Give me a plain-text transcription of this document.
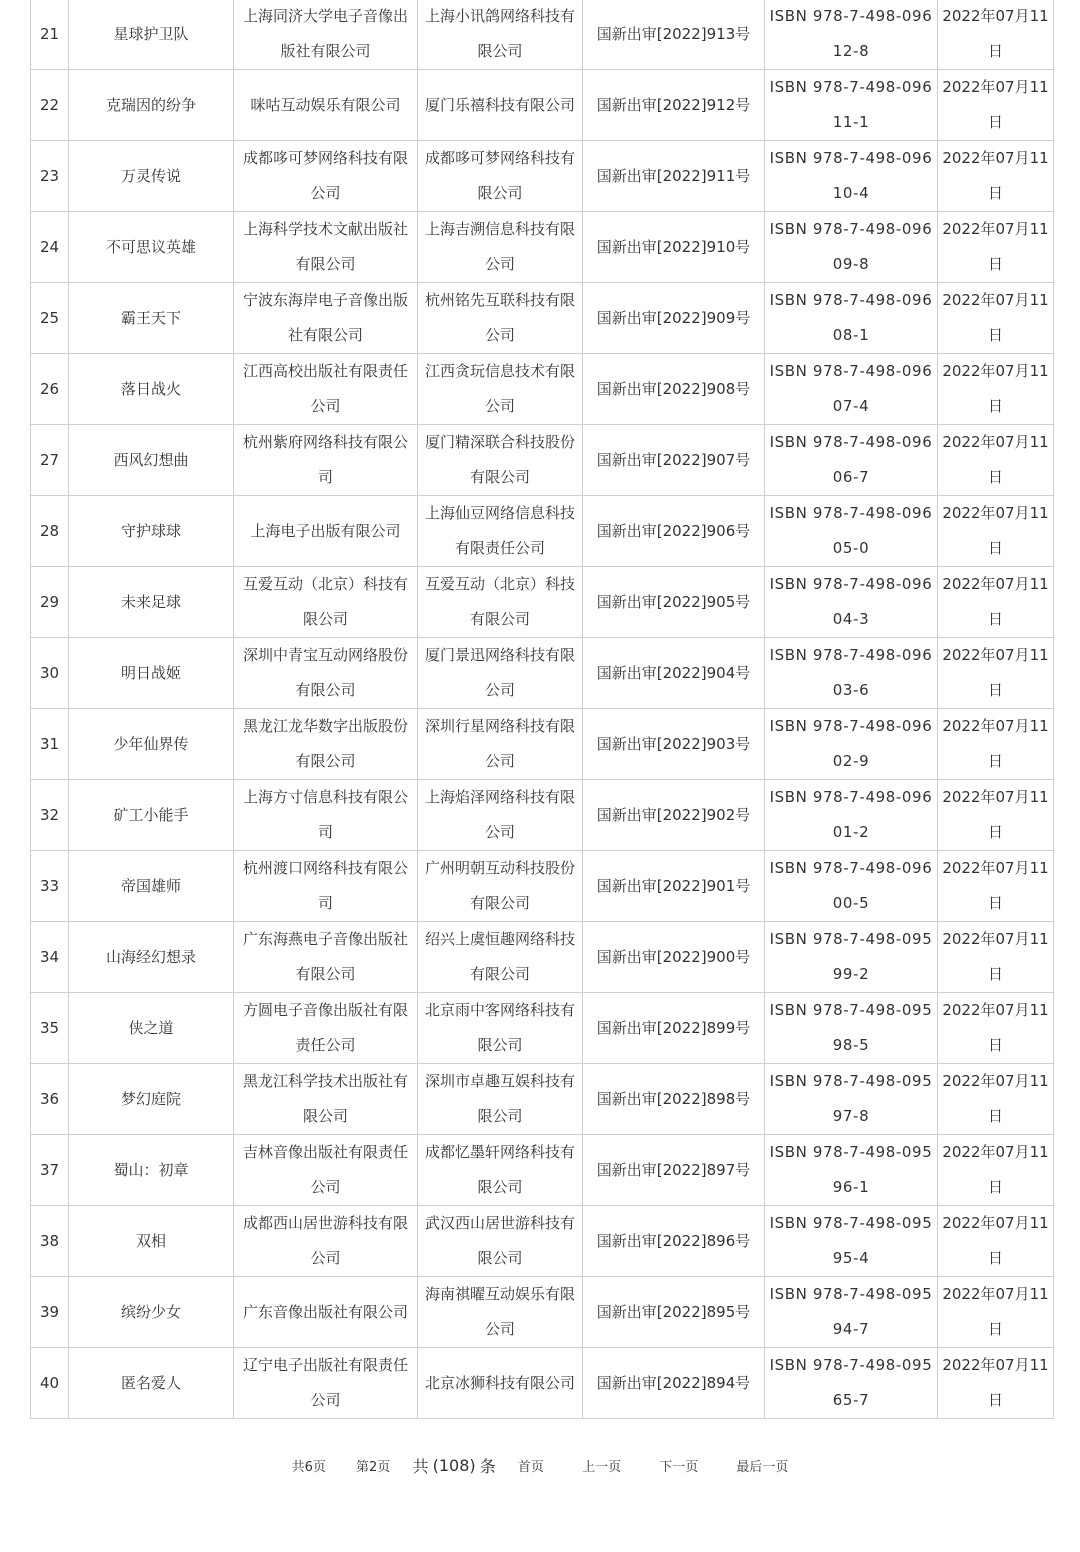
21	星球护卫队	上海同济大学电子音像出版社有限公司	上海小讯鸽网络科技有限公司	国新出审[2022]913号	ISBN 978-7-498-09612-8	2022年07月11日
22	克瑞因的纷争	咪咕互动娱乐有限公司	厦门乐禧科技有限公司	国新出审[2022]912号	ISBN 978-7-498-09611-1	2022年07月11日
23	万灵传说	成都哆可梦网络科技有限公司	成都哆可梦网络科技有限公司	国新出审[2022]911号	ISBN 978-7-498-09610-4	2022年07月11日
24	不可思议英雄	上海科学技术文献出版社有限公司	上海吉溯信息科技有限公司	国新出审[2022]910号	ISBN 978-7-498-09609-8	2022年07月11日
25	霸王天下	宁波东海岸电子音像出版社有限公司	杭州铭先互联科技有限公司	国新出审[2022]909号	ISBN 978-7-498-09608-1	2022年07月11日
26	落日战火	江西高校出版社有限责任公司	江西贪玩信息技术有限公司	国新出审[2022]908号	ISBN 978-7-498-09607-4	2022年07月11日
27	西风幻想曲	杭州紫府网络科技有限公司	厦门精深联合科技股份有限公司	国新出审[2022]907号	ISBN 978-7-498-09606-7	2022年07月11日
28	守护球球	上海电子出版有限公司	上海仙豆网络信息科技有限责任公司	国新出审[2022]906号	ISBN 978-7-498-09605-0	2022年07月11日
29	未来足球	互爱互动（北京）科技有限公司	互爱互动（北京）科技有限公司	国新出审[2022]905号	ISBN 978-7-498-09604-3	2022年07月11日
30	明日战姬	深圳中青宝互动网络股份有限公司	厦门景迅网络科技有限公司	国新出审[2022]904号	ISBN 978-7-498-09603-6	2022年07月11日
31	少年仙界传	黑龙江龙华数字出版股份有限公司	深圳行星网络科技有限公司	国新出审[2022]903号	ISBN 978-7-498-09602-9	2022年07月11日
32	矿工小能手	上海方寸信息科技有限公司	上海焰泽网络科技有限公司	国新出审[2022]902号	ISBN 978-7-498-09601-2	2022年07月11日
33	帝国雄师	杭州渡口网络科技有限公司	广州明朝互动科技股份有限公司	国新出审[2022]901号	ISBN 978-7-498-09600-5	2022年07月11日
34	山海经幻想录	广东海燕电子音像出版社有限公司	绍兴上虞恒趣网络科技有限公司	国新出审[2022]900号	ISBN 978-7-498-09599-2	2022年07月11日
35	侠之道	方圆电子音像出版社有限责任公司	北京雨中客网络科技有限公司	国新出审[2022]899号	ISBN 978-7-498-09598-5	2022年07月11日
36	梦幻庭院	黑龙江科学技术出版社有限公司	深圳市卓趣互娱科技有限公司	国新出审[2022]898号	ISBN 978-7-498-09597-8	2022年07月11日
37	蜀山：初章	吉林音像出版社有限责任公司	成都忆墨轩网络科技有限公司	国新出审[2022]897号	ISBN 978-7-498-09596-1	2022年07月11日
38	双相	成都西山居世游科技有限公司	武汉西山居世游科技有限公司	国新出审[2022]896号	ISBN 978-7-498-09595-4	2022年07月11日
39	缤纷少女	广东音像出版社有限公司	海南祺曜互动娱乐有限公司	国新出审[2022]895号	ISBN 978-7-498-09594-7	2022年07月11日
40	匿名爱人	辽宁电子出版社有限责任公司	北京冰狮科技有限公司	国新出审[2022]894号	ISBN 978-7-498-09565-7	2022年07月11日
共6页 第2页 共 (108) 条 首页	上一页	下一页	最后一页
